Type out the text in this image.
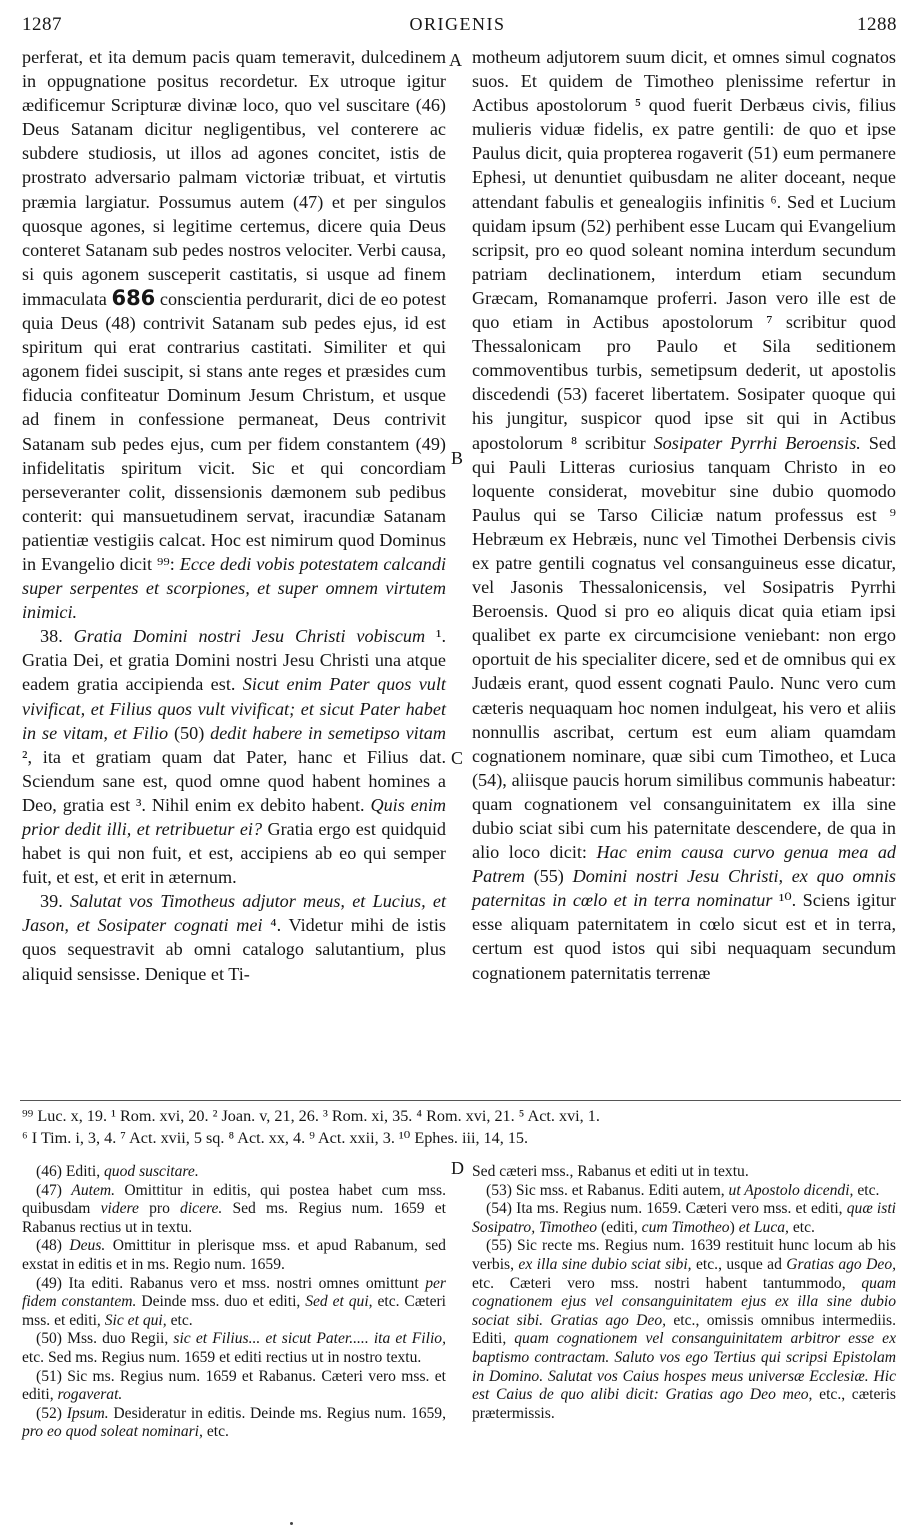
1287	ORIGENIS	1288
A
B
C
D

perferat, et ita demum pacis quam temeravit, dulcedinem in oppugnatione positus recordetur. Ex utroque igitur ædificemur Scripturæ divinæ loco, quo vel suscitare (46) Deus Satanam dicitur negligentibus, vel conterere ac subdere studiosis, ut illos ad agones concitet, istis de prostrato adversario palmam victoriæ tribuat, et virtutis præmia largiatur. Possumus autem (47) et per singulos quosque agones, si legitime certemus, dicere quia Deus conteret Satanam sub pedes nostros velociter. Verbi causa, si quis agonem susceperit castitatis, si usque ad finem immaculata 686 conscientia perdurarit, dici de eo potest quia Deus (48) contrivit Satanam sub pedes ejus, id est spiritum qui erat contrarius castitati. Similiter et qui agonem fidei suscipit, si stans ante reges et præsides cum fiducia confiteatur Dominum Jesum Christum, et usque ad finem in confessione permaneat, Deus contrivit Satanam sub pedes ejus, cum per fidem constantem (49) infidelitatis spiritum vicit. Sic et qui concordiam perseveranter colit, dissensionis dæmonem sub pedibus conterit: qui mansuetudinem servat, iracundiæ Satanam patientiæ vestigiis calcat. Hoc est nimirum quod Dominus in Evangelio dicit ⁹⁹: Ecce dedi vobis potestatem calcandi super serpentes et scorpiones, et super omnem virtutem inimici.

38. Gratia Domini nostri Jesu Christi vobiscum ¹. Gratia Dei, et gratia Domini nostri Jesu Christi una atque eadem gratia accipienda est. Sicut enim Pater quos vult vivificat, et Filius quos vult vivificat; et sicut Pater habet in se vitam, et Filio (50) dedit habere in semetipso vitam ², ita et gratiam quam dat Pater, hanc et Filius dat. Sciendum sane est, quod omne quod habent homines a Deo, gratia est ³. Nihil enim ex debito habent. Quis enim prior dedit illi, et retribuetur ei? Gratia ergo est quidquid habet is qui non fuit, et est, accipiens ab eo qui semper fuit, et est, et erit in æternum.

39. Salutat vos Timotheus adjutor meus, et Lucius, et Jason, et Sosipater cognati mei ⁴. Videtur mihi de istis quos sequestravit ab omni catalogo salutantium, plus aliquid sensisse. Denique et Ti-

motheum adjutorem suum dicit, et omnes simul cognatos suos. Et quidem de Timotheo plenissime refertur in Actibus apostolorum ⁵ quod fuerit Derbæus civis, filius mulieris viduæ fidelis, ex patre gentili: de quo et ipse Paulus dicit, quia propterea rogaverit (51) eum permanere Ephesi, ut denuntiet quibusdam ne aliter doceant, neque attendant fabulis et genealogiis infinitis ⁶. Sed et Lucium quidam ipsum (52) perhibent esse Lucam qui Evangelium scripsit, pro eo quod soleant nomina interdum secundum patriam declinationem, interdum etiam secundum Græcam, Romanamque proferri. Jason vero ille est de quo etiam in Actibus apostolorum ⁷ scribitur quod Thessalonicam pro Paulo et Sila seditionem commoventibus turbis, semetipsum dederit, ut apostolis discedendi (53) faceret libertatem. Sosipater quoque qui his jungitur, suspicor quod ipse sit qui in Actibus apostolorum ⁸ scribitur Sosipater Pyrrhi Beroensis. Sed qui Pauli Litteras curiosius tanquam Christo in eo loquente considerat, movebitur sine dubio quomodo Paulus qui se Tarso Ciliciæ natum professus est ⁹ Hebræum ex Hebræis, nunc vel Timothei Derbensis civis ex patre gentili cognatus vel consanguineus esse dicatur, vel Jasonis Thessalonicensis, vel Sosipatris Pyrrhi Beroensis. Quod si pro eo aliquis dicat quia etiam ipsi qualibet ex parte ex circumcisione veniebant: non ergo oportuit de his specialiter dicere, sed et de omnibus qui ex Judæis erant, quod essent cognati Paulo. Nunc vero cum cæteris nequaquam hoc nomen indulgeat, his vero et aliis nonnullis ascribat, certum est eum aliam quamdam cognationem nominare, quæ sibi cum Timotheo, et Luca (54), aliisque paucis horum similibus communis habeatur: quam cognationem vel consanguinitatem ex illa sine dubio sciat sibi cum his paternitate descendere, de qua in alio loco dicit: Hac enim causa curvo genua mea ad Patrem (55) Domini nostri Jesu Christi, ex quo omnis paternitas in cœlo et in terra nominatur ¹⁰. Sciens igitur esse aliquam paternitatem in cœlo sicut est et in terra, certum est quod istos qui sibi nequaquam secundum cognationem paternitatis terrenæ

⁹⁹ Luc. x, 19. ¹ Rom. xvi, 20. ² Joan. v, 21, 26. ³ Rom. xi, 35. ⁴ Rom. xvi, 21. ⁵ Act. xvi, 1.

⁶ I Tim. i, 3, 4. ⁷ Act. xvii, 5 sq. ⁸ Act. xx, 4. ⁹ Act. xxii, 3. ¹⁰ Ephes. iii, 14, 15.

(46) Editi, quod suscitare.

(47) Autem. Omittitur in editis, qui postea habet cum mss. quibusdam videre pro dicere. Sed ms. Regius num. 1659 et Rabanus rectius ut in textu.

(48) Deus. Omittitur in plerisque mss. et apud Rabanum, sed exstat in editis et in ms. Regio num. 1659.

(49) Ita editi. Rabanus vero et mss. nostri omnes omittunt per fidem constantem. Deinde mss. duo et editi, Sed et qui, etc. Cæteri mss. et editi, Sic et qui, etc.

(50) Mss. duo Regii, sic et Filius... et sicut Pater..... ita et Filio, etc. Sed ms. Regius num. 1659 et editi rectius ut in nostro textu.

(51) Sic ms. Regius num. 1659 et Rabanus. Cæteri vero mss. et editi, rogaverat.

(52) Ipsum. Desideratur in editis. Deinde ms. Regius num. 1659, pro eo quod soleat nominari, etc.

Sed cæteri mss., Rabanus et editi ut in textu.

(53) Sic mss. et Rabanus. Editi autem, ut Apostolo dicendi, etc.

(54) Ita ms. Regius num. 1659. Cæteri vero mss. et editi, quæ isti Sosipatro, Timotheo (editi, cum Timotheo) et Luca, etc.

(55) Sic recte ms. Regius num. 1639 restituit hunc locum ab his verbis, ex illa sine dubio sciat sibi, etc., usque ad Gratias ago Deo, etc. Cæteri vero mss. nostri habent tantummodo, quam cognationem ejus vel consanguinitatem ejus ex illa sine dubio sociat sibi. Gratias ago Deo, etc., omissis omnibus intermediis. Editi, quam cognationem vel consanguinitatem arbitror esse ex baptismo contractam. Saluto vos ego Tertius qui scripsi Epistolam in Domino. Salutat vos Caius hospes meus universæ Ecclesiæ. Hic est Caius de quo alibi dicit: Gratias ago Deo meo, etc., cæteris prætermissis.
